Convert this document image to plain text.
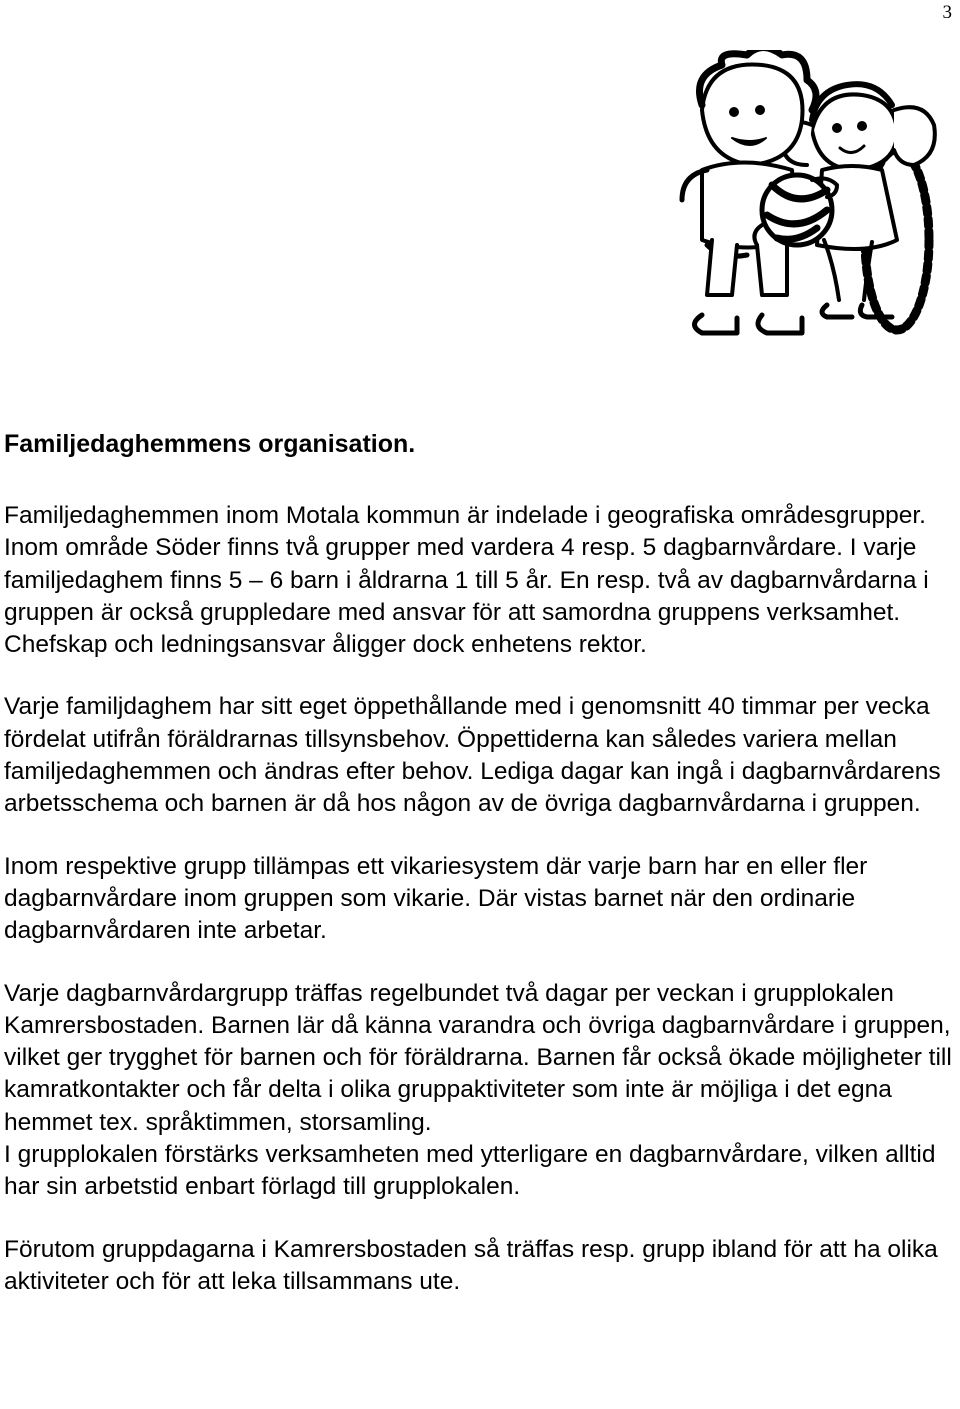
3
Familjedaghemmens organisation.

Familjedaghemmen inom Motala kommun är indelade i geografiska områdesgrupper. Inom område Söder finns två grupper med vardera 4 resp. 5 dagbarnvårdare. I varje familjedaghem finns 5 – 6 barn i åldrarna 1 till 5 år. En resp. två av dagbarnvårdarna i gruppen är också gruppledare med ansvar för att samordna gruppens verksamhet. Chefskap och ledningsansvar åligger dock enhetens rektor.

Varje familjdaghem har sitt eget öppethållande med i genomsnitt 40 timmar per vecka fördelat utifrån föräldrarnas tillsynsbehov. Öppettiderna kan således variera mellan familjedaghemmen och ändras efter behov. Lediga dagar kan ingå i dagbarnvårdarens arbetsschema och barnen är då hos någon av de övriga dagbarnvårdarna i gruppen.

Inom respektive grupp tillämpas ett vikariesystem där varje barn har en eller fler dagbarnvårdare inom gruppen som vikarie. Där vistas barnet när den ordinarie dagbarnvårdaren inte arbetar.

Varje dagbarnvårdargrupp träffas regelbundet två dagar per veckan i grupplokalen Kamrersbostaden. Barnen lär då känna varandra och övriga dagbarnvårdare i gruppen, vilket ger trygghet för barnen och för föräldrarna. Barnen får också ökade möjligheter till kamratkontakter och får delta i olika gruppaktiviteter som inte är möjliga i det egna hemmet tex. språktimmen, storsamling.

I grupplokalen förstärks verksamheten med ytterligare en dagbarnvårdare, vilken alltid har sin arbetstid enbart förlagd till grupplokalen.

Förutom gruppdagarna i Kamrersbostaden så träffas resp. grupp ibland för att ha olika aktiviteter och för att leka tillsammans ute.
